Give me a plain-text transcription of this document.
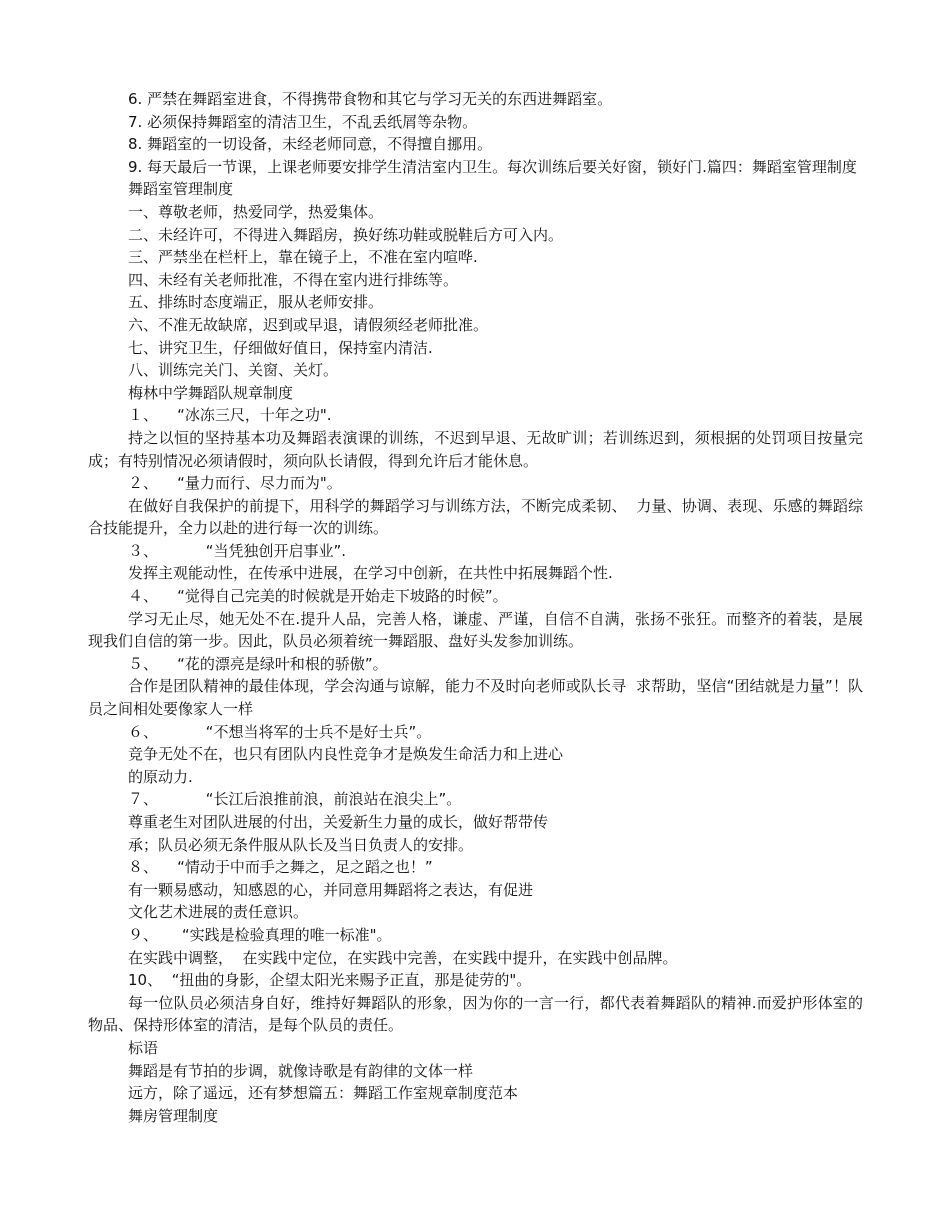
6. 严禁在舞蹈室进食，不得携带食物和其它与学习无关的东西进舞蹈室。

7. 必须保持舞蹈室的清洁卫生，不乱丢纸屑等杂物。

8. 舞蹈室的一切设备，未经老师同意，不得擅自挪用。

9. 每天最后一节课，上课老师要安排学生清洁室内卫生。每次训练后要关好窗，锁好门.篇四：舞蹈室管理制度

舞蹈室管理制度

一、尊敬老师，热爱同学，热爱集体。

二、未经许可，不得进入舞蹈房，换好练功鞋或脱鞋后方可入内。

三、严禁坐在栏杆上，靠在镜子上，不准在室内喧哗.

四、未经有关老师批准，不得在室内进行排练等。

五、排练时态度端正，服从老师安排。

六、不准无故缺席，迟到或早退，请假须经老师批准。

七、讲究卫生，仔细做好值日，保持室内清洁.

八、训练完关门、关窗、关灯。

梅林中学舞蹈队规章制度

１、    “冰冻三尺，十年之功".

持之以恒的坚持基本功及舞蹈表演课的训练，不迟到早退、无故旷训；若训练迟到，须根据的处罚项目按量完成；有特别情况必须请假时，须向队长请假，得到允许后才能休息。

２、    “量力而行、尽力而为"。

在做好自我保护的前提下，用科学的舞蹈学习与训练方法，不断完成柔韧、  力量、协调、表现、乐感的舞蹈综合技能提升，全力以赴的进行每一次的训练。

３、          “当凭独创开启事业”.

发挥主观能动性，在传承中进展，在学习中创新，在共性中拓展舞蹈个性.

４、    “觉得自己完美的时候就是开始走下坡路的时候”。

学习无止尽，她无处不在.提升人品，完善人格，谦虚、严谨，自信不自满，张扬不张狂。而整齐的着装，是展现我们自信的第一步。因此，队员必须着统一舞蹈服、盘好头发参加训练。

５、    “花的漂亮是绿叶和根的骄傲”。

合作是团队精神的最佳体现，学会沟通与谅解，能力不及时向老师或队长寻  求帮助，坚信“团结就是力量”！队员之间相处要像家人一样

６、          “不想当将军的士兵不是好士兵”。

竞争无处不在，也只有团队内良性竞争才是焕发生命活力和上进心

的原动力.

７、          “长江后浪推前浪，前浪站在浪尖上”。

尊重老生对团队进展的付出，关爱新生力量的成长，做好帮带传

承；队员必须无条件服从队长及当日负责人的安排。

８、    “情动于中而手之舞之，足之蹈之也！”

有一颗易感动，知感恩的心，并同意用舞蹈将之表达，有促进

文化艺术进展的责任意识。

９、     “实践是检验真理的唯一标准"。

在实践中调整，  在实践中定位，在实践中完善，在实践中提升，在实践中创品牌。

10、  “扭曲的身影，企望太阳光来赐予正直，那是徒劳的"。

每一位队员必须洁身自好，维持好舞蹈队的形象，因为你的一言一行，都代表着舞蹈队的精神.而爱护形体室的物品、保持形体室的清洁，是每个队员的责任。

标语

舞蹈是有节拍的步调，就像诗歌是有韵律的文体一样

远方，除了遥远，还有梦想篇五：舞蹈工作室规章制度范本

舞房管理制度
